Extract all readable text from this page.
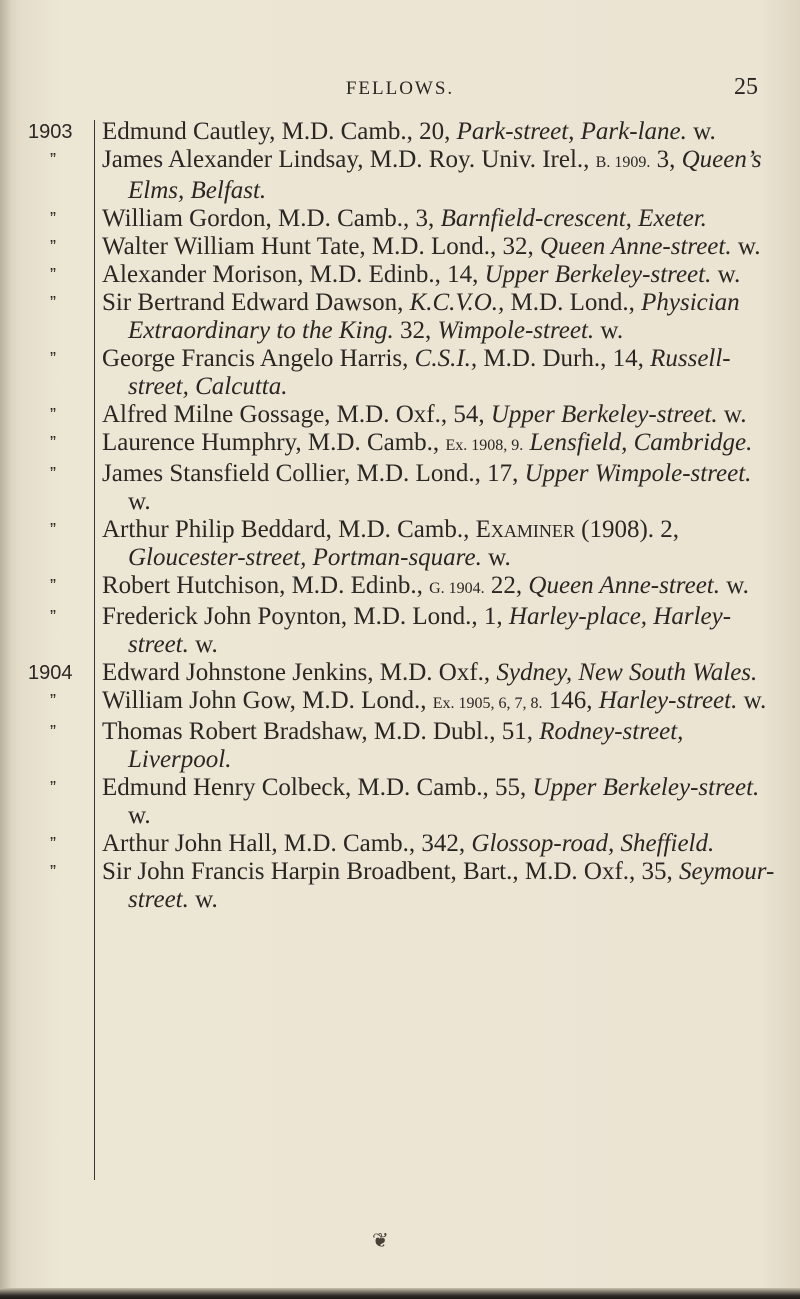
FELLOWS.	25
1903	Edmund Cautley, M.D. Camb., 20, Park-street, Park-lane. w.
”	James Alexander Lindsay, M.D. Roy. Univ. Irel., B. 1909. 3, Queen’s Elms, Belfast.
”	William Gordon, M.D. Camb., 3, Barnfield-crescent, Exeter.
”	Walter William Hunt Tate, M.D. Lond., 32, Queen Anne-street. w.
”	Alexander Morison, M.D. Edinb., 14, Upper Berkeley-street. w.
”	Sir Bertrand Edward Dawson, K.C.V.O., M.D. Lond., Physician Extraordinary to the King. 32, Wimpole-street. w.
”	George Francis Angelo Harris, C.S.I., M.D. Durh., 14, Russell-street, Calcutta.
”	Alfred Milne Gossage, M.D. Oxf., 54, Upper Berkeley-street. w.
”	Laurence Humphry, M.D. Camb., Ex. 1908, 9. Lensfield, Cambridge.
”	James Stansfield Collier, M.D. Lond., 17, Upper Wimpole-street. w.
”	Arthur Philip Beddard, M.D. Camb., Examiner (1908). 2, Gloucester-street, Portman-square. w.
”	Robert Hutchison, M.D. Edinb., G. 1904. 22, Queen Anne-street. w.
”	Frederick John Poynton, M.D. Lond., 1, Harley-place, Harley-street. w.
1904	Edward Johnstone Jenkins, M.D. Oxf., Sydney, New South Wales.
”	William John Gow, M.D. Lond., Ex. 1905, 6, 7, 8. 146, Harley-street. w.
”	Thomas Robert Bradshaw, M.D. Dubl., 51, Rodney-street, Liverpool.
”	Edmund Henry Colbeck, M.D. Camb., 55, Upper Berkeley-street. w.
”	Arthur John Hall, M.D. Camb., 342, Glossop-road, Sheffield.
”	Sir John Francis Harpin Broadbent, Bart., M.D. Oxf., 35, Seymour-street. w.
❦
